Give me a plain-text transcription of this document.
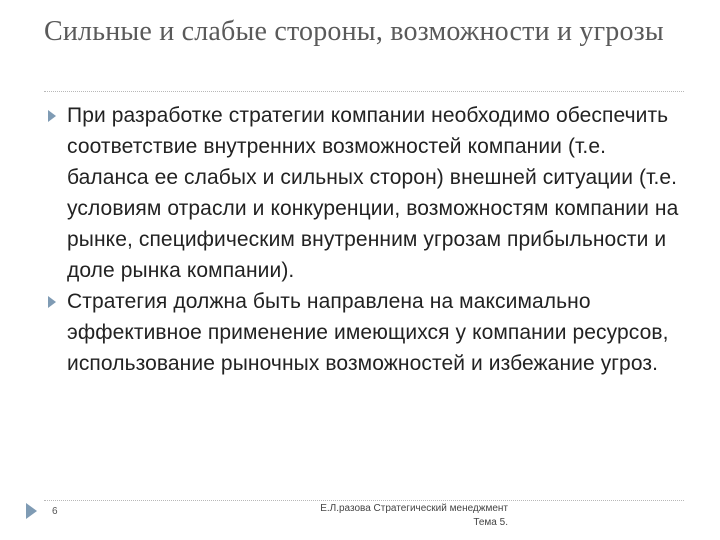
Сильные и слабые стороны, возможности и угрозы
При разработке стратегии компании необходимо обеспечить соответствие внутренних возможностей компании (т.е. баланса ее слабых и сильных сторон) внешней ситуации (т.е. условиям отрасли и конкуренции, возможностям компании на рынке, специфическим внутренним угрозам прибыльности и доле рынка компании).
Стратегия должна быть направлена на максимально эффективное применение имеющихся у компании ресурсов, использование рыночных возможностей и избежание угроз.
6	Е.Л.разова Стратегический менеджмент
Тема 5.
